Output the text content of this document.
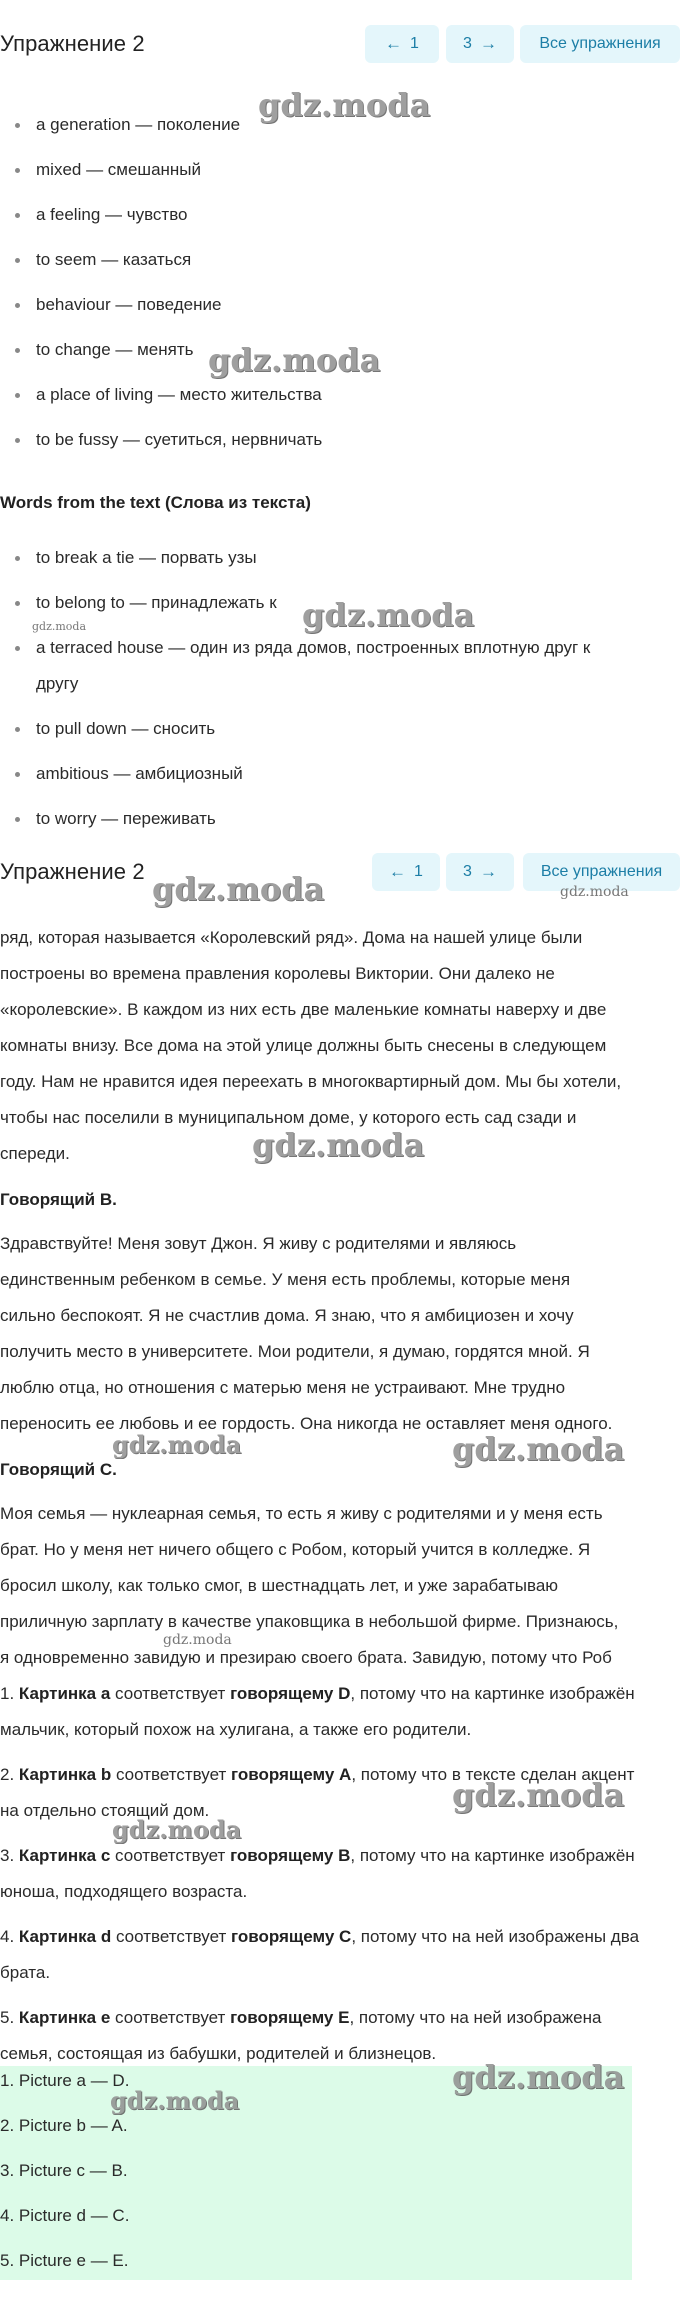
Упражнение 2	← 1	3 →	Все упражнения
a generation — поколение
mixed — смешанный
a feeling — чувство
to seem — казаться
behaviour — поведение
to change — менять
a place of living — место жительства
to be fussy — суетиться, нервничать
Words from the text (Слова из текста)
to break a tie — порвать узы
to belong to — принадлежать к
a terraced house — один из ряда домов, построенных вплотную друг к
другу
to pull down — сносить
ambitious — амбициозный
to worry — переживать
Упражнение 2	← 1	3 →	Все упражнения
ряд, которая называется «Королевский ряд». Дома на нашей улице были
построены во времена правления королевы Виктории. Они далеко не
«королевские». В каждом из них есть две маленькие комнаты наверху и две
комнаты внизу. Все дома на этой улице должны быть снесены в следующем
году. Нам не нравится идея переехать в многоквартирный дом. Мы бы хотели,
чтобы нас поселили в муниципальном доме, у которого есть сад сзади и
спереди.
Говорящий B.
Здравствуйте! Меня зовут Джон. Я живу с родителями и являюсь
единственным ребенком в семье. У меня есть проблемы, которые меня
сильно беспокоят. Я не счастлив дома. Я знаю, что я амбициозен и хочу
получить место в университете. Мои родители, я думаю, гордятся мной. Я
люблю отца, но отношения с матерью меня не устраивают. Мне трудно
переносить ее любовь и ее гордость. Она никогда не оставляет меня одного.
Говорящий C.
Моя семья — нуклеарная семья, то есть я живу с родителями и у меня есть
брат. Но у меня нет ничего общего с Робом, который учится в колледже. Я
бросил школу, как только смог, в шестнадцать лет, и уже зарабатываю
приличную зарплату в качестве упаковщика в небольшой фирме. Признаюсь,
я одновременно завидую и презираю своего брата. Завидую, потому что Роб
1. Картинка a соответствует говорящему D, потому что на картинке изображён
мальчик, который похож на хулигана, а также его родители.
2. Картинка b соответствует говорящему A, потому что в тексте сделан акцент
на отдельно стоящий дом.
3. Картинка c соответствует говорящему B, потому что на картинке изображён
юноша, подходящего возраста.
4. Картинка d соответствует говорящему C, потому что на ней изображены два
брата.
5. Картинка e соответствует говорящему E, потому что на ней изображена
семья, состоящая из бабушки, родителей и близнецов.
1. Picture a — D.
2. Picture b — A.
3. Picture c — B.
4. Picture d — C.
5. Picture e — E.
gdz.moda
gdz.moda
gdz.moda
gdz.moda
gdz.moda	gdz.moda
gdz.moda
gdz.moda	gdz.moda
gdz.moda
gdz.moda
gdz.moda
gdz.moda
gdz.moda
